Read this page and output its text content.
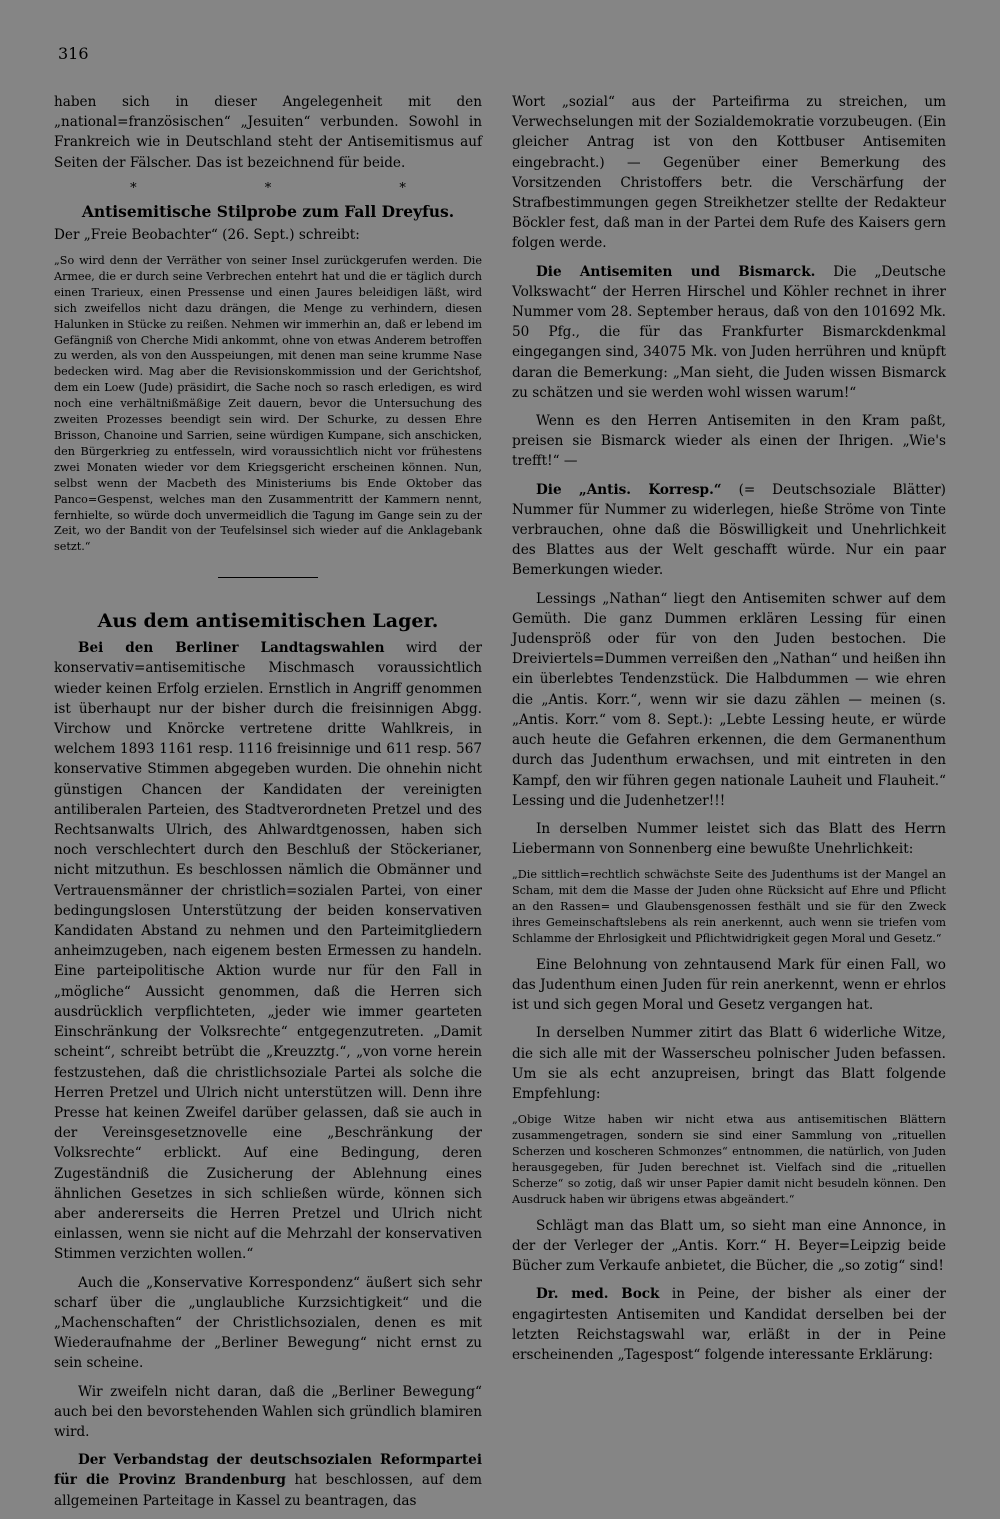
316

haben sich in dieser Angelegenheit mit den „national=französischen“ „Jesuiten“ verbunden. Sowohl in Frankreich wie in Deutschland steht der Antisemitismus auf Seiten der Fälscher. Das ist bezeichnend für beide.

* * *
Antisemitische Stilprobe zum Fall Dreyfus.

Der „Freie Beobachter“ (26. Sept.) schreibt:

„So wird denn der Verräther von seiner Insel zurückgerufen werden. Die Armee, die er durch seine Verbrechen entehrt hat und die er täglich durch einen Trarieux, einen Pressense und einen Jaures beleidigen läßt, wird sich zweifellos nicht dazu drängen, die Menge zu verhindern, diesen Halunken in Stücke zu reißen. Nehmen wir immerhin an, daß er lebend im Gefängniß von Cherche Midi ankommt, ohne von etwas Anderem betroffen zu werden, als von den Ausspeiungen, mit denen man seine krumme Nase bedecken wird. Mag aber die Revisionskommission und der Gerichtshof, dem ein Loew (Jude) präsidirt, die Sache noch so rasch erledigen, es wird noch eine verhältnißmäßige Zeit dauern, bevor die Untersuchung des zweiten Prozesses beendigt sein wird. Der Schurke, zu dessen Ehre Brisson, Chanoine und Sarrien, seine würdigen Kumpane, sich anschicken, den Bürgerkrieg zu entfesseln, wird voraussichtlich nicht vor frühestens zwei Monaten wieder vor dem Kriegsgericht erscheinen können. Nun, selbst wenn der Macbeth des Ministeriums bis Ende Oktober das Panco=Gespenst, welches man den Zusammentritt der Kammern nennt, fernhielte, so würde doch unvermeidlich die Tagung im Gange sein zu der Zeit, wo der Bandit von der Teufelsinsel sich wieder auf die Anklagebank setzt.“
Aus dem antisemitischen Lager.

Bei den Berliner Landtagswahlen wird der konservativ=antisemitische Mischmasch voraussichtlich wieder keinen Erfolg erzielen. Ernstlich in Angriff genommen ist überhaupt nur der bisher durch die freisinnigen Abgg. Virchow und Knörcke vertretene dritte Wahlkreis, in welchem 1893 1161 resp. 1116 freisinnige und 611 resp. 567 konservative Stimmen abgegeben wurden. Die ohnehin nicht günstigen Chancen der Kandidaten der vereinigten antiliberalen Parteien, des Stadtverordneten Pretzel und des Rechtsanwalts Ulrich, des Ahlwardtgenossen, haben sich noch verschlechtert durch den Beschluß der Stöckerianer, nicht mitzuthun. Es beschlossen nämlich die Obmänner und Vertrauensmänner der christlich=sozialen Partei, von einer bedingungslosen Unterstützung der beiden konservativen Kandidaten Abstand zu nehmen und den Parteimitgliedern anheimzugeben, nach eigenem besten Ermessen zu handeln. Eine parteipolitische Aktion wurde nur für den Fall in „mögliche“ Aussicht genommen, daß die Herren sich ausdrücklich verpflichteten, „jeder wie immer gearteten Einschränkung der Volksrechte“ entgegenzutreten. „Damit scheint“, schreibt betrübt die „Kreuzztg.“, „von vorne herein festzustehen, daß die christlichsoziale Partei als solche die Herren Pretzel und Ulrich nicht unterstützen will. Denn ihre Presse hat keinen Zweifel darüber gelassen, daß sie auch in der Vereinsgesetznovelle eine „Beschränkung der Volksrechte“ erblickt. Auf eine Bedingung, deren Zugeständniß die Zusicherung der Ablehnung eines ähnlichen Gesetzes in sich schließen würde, können sich aber andererseits die Herren Pretzel und Ulrich nicht einlassen, wenn sie nicht auf die Mehrzahl der konservativen Stimmen verzichten wollen.“

Auch die „Konservative Korrespondenz“ äußert sich sehr scharf über die „unglaubliche Kurzsichtigkeit“ und die „Machenschaften“ der Christlichsozialen, denen es mit Wiederaufnahme der „Berliner Bewegung“ nicht ernst zu sein scheine.

Wir zweifeln nicht daran, daß die „Berliner Bewegung“ auch bei den bevorstehenden Wahlen sich gründlich blamiren wird.

Der Verbandstag der deutschsozialen Reformpartei für die Provinz Brandenburg hat beschlossen, auf dem allgemeinen Parteitage in Kassel zu beantragen, das

Wort „sozial“ aus der Parteifirma zu streichen, um Verwechselungen mit der Sozialdemokratie vorzubeugen. (Ein gleicher Antrag ist von den Kottbuser Antisemiten eingebracht.) — Gegenüber einer Bemerkung des Vorsitzenden Christoffers betr. die Verschärfung der Strafbestimmungen gegen Streikhetzer stellte der Redakteur Böckler fest, daß man in der Partei dem Rufe des Kaisers gern folgen werde.

Die Antisemiten und Bismarck. Die „Deutsche Volkswacht“ der Herren Hirschel und Köhler rechnet in ihrer Nummer vom 28. September heraus, daß von den 101692 Mk. 50 Pfg., die für das Frankfurter Bismarckdenkmal eingegangen sind, 34075 Mk. von Juden herrühren und knüpft daran die Bemerkung: „Man sieht, die Juden wissen Bismarck zu schätzen und sie werden wohl wissen warum!“

Wenn es den Herren Antisemiten in den Kram paßt, preisen sie Bismarck wieder als einen der Ihrigen. „Wie's trefft!“ —

Die „Antis. Korresp.“ (= Deutschsoziale Blätter) Nummer für Nummer zu widerlegen, hieße Ströme von Tinte verbrauchen, ohne daß die Böswilligkeit und Unehrlichkeit des Blattes aus der Welt geschafft würde. Nur ein paar Bemerkungen wieder.

Lessings „Nathan“ liegt den Antisemiten schwer auf dem Gemüth. Die ganz Dummen erklären Lessing für einen Judenspröß oder für von den Juden bestochen. Die Dreiviertels=Dummen verreißen den „Nathan“ und heißen ihn ein überlebtes Tendenzstück. Die Halbdummen — wie ehren die „Antis. Korr.“, wenn wir sie dazu zählen — meinen (s. „Antis. Korr.“ vom 8. Sept.): „Lebte Lessing heute, er würde auch heute die Gefahren erkennen, die dem Germanenthum durch das Judenthum erwachsen, und mit eintreten in den Kampf, den wir führen gegen nationale Lauheit und Flauheit.“ Lessing und die Judenhetzer!!!

In derselben Nummer leistet sich das Blatt des Herrn Liebermann von Sonnenberg eine bewußte Unehrlichkeit:

„Die sittlich=rechtlich schwächste Seite des Judenthums ist der Mangel an Scham, mit dem die Masse der Juden ohne Rücksicht auf Ehre und Pflicht an den Rassen= und Glaubensgenossen festhält und sie für den Zweck ihres Gemeinschaftslebens als rein anerkennt, auch wenn sie triefen vom Schlamme der Ehrlosigkeit und Pflichtwidrigkeit gegen Moral und Gesetz.“

Eine Belohnung von zehntausend Mark für einen Fall, wo das Judenthum einen Juden für rein anerkennt, wenn er ehrlos ist und sich gegen Moral und Gesetz vergangen hat.

In derselben Nummer zitirt das Blatt 6 widerliche Witze, die sich alle mit der Wasserscheu polnischer Juden befassen. Um sie als echt anzupreisen, bringt das Blatt folgende Empfehlung:

„Obige Witze haben wir nicht etwa aus antisemitischen Blättern zusammengetragen, sondern sie sind einer Sammlung von „rituellen Scherzen und koscheren Schmonzes“ entnommen, die natürlich, von Juden herausgegeben, für Juden berechnet ist. Vielfach sind die „rituellen Scherze“ so zotig, daß wir unser Papier damit nicht besudeln können. Den Ausdruck haben wir übrigens etwas abgeändert.“

Schlägt man das Blatt um, so sieht man eine Annonce, in der der Verleger der „Antis. Korr.“ H. Beyer=Leipzig beide Bücher zum Verkaufe anbietet, die Bücher, die „so zotig“ sind!

Dr. med. Bock in Peine, der bisher als einer der engagirtesten Antisemiten und Kandidat derselben bei der letzten Reichstagswahl war, erläßt in der in Peine erscheinenden „Tagespost“ folgende interessante Erklärung:
